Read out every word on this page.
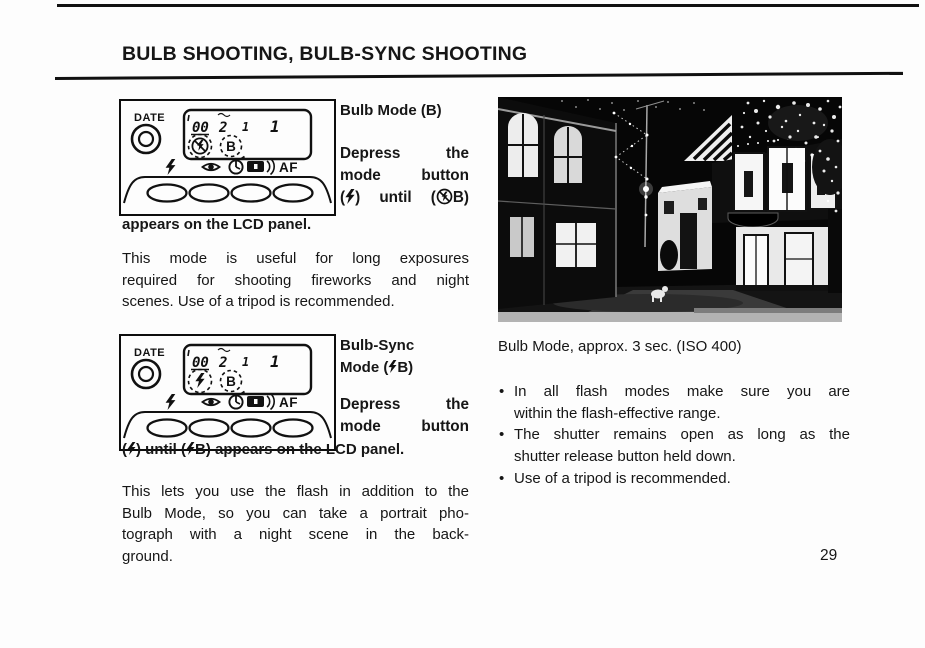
BULB SHOOTING, BULB-SYNC SHOOTING
DATE
00 2 1 1
B
AF
Bulb Mode (B)
Depress the
mode button
( ) until ( B)
appears on the LCD panel.
This mode is useful for long exposures
required for shooting fireworks and night
scenes. Use of a tripod is recommended.
DATE
00 2 1 1
B
AF
Bulb-Sync
Mode ( B)
Depress the
mode button
( ) until ( B) appears on the LCD panel.
This lets you use the flash in addition to the
Bulb Mode, so you can take a portrait pho-
tograph with a night scene in the back-
ground.
Bulb Mode, approx. 3 sec. (ISO 400)
• In all flash modes make sure you are
within the flash-effective range.
• The shutter remains open as long as the
shutter release button held down.
• Use of a tripod is recommended.
29
